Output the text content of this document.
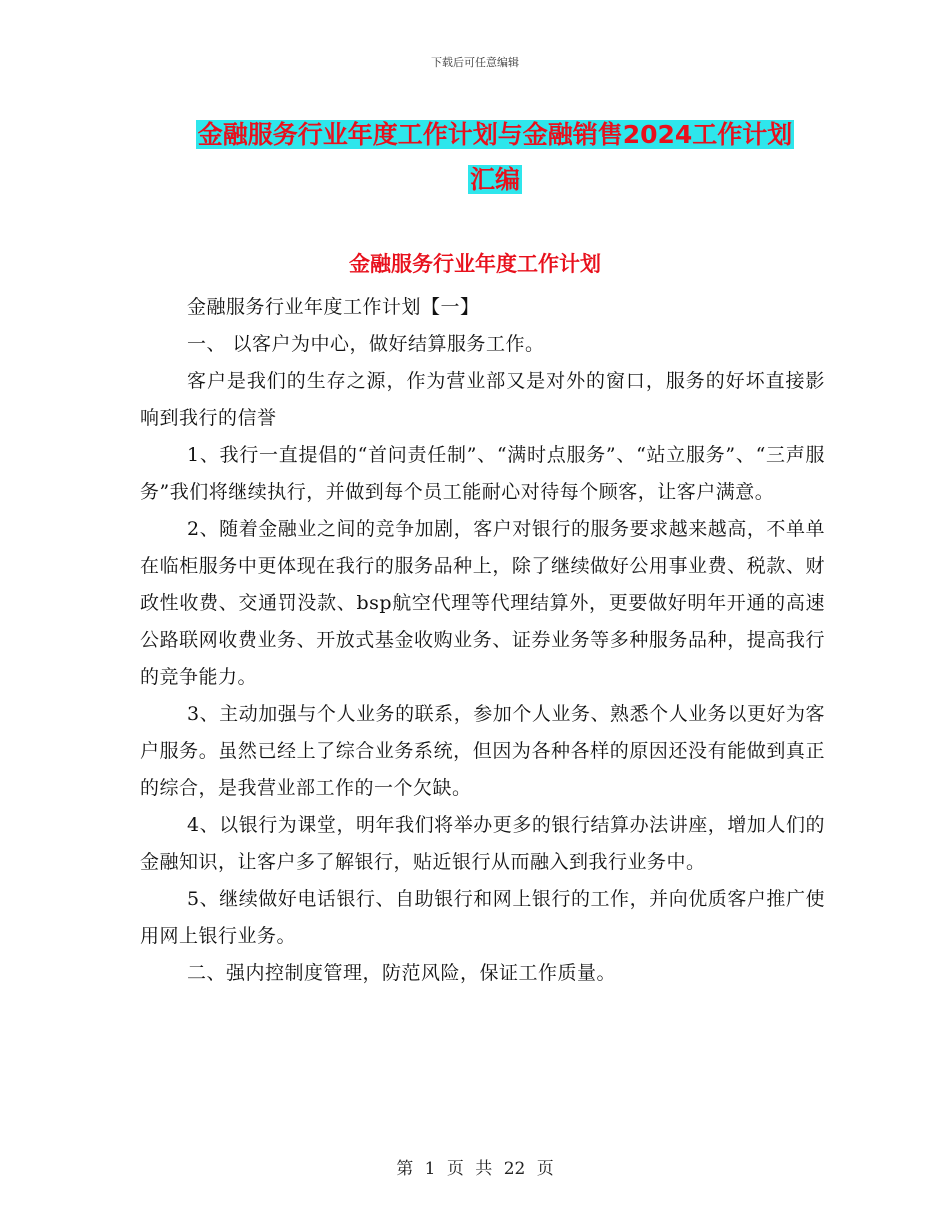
下载后可任意编辑
金融服务行业年度工作计划与金融销售2024工作计划
汇编
金融服务行业年度工作计划

金融服务行业年度工作计划【一】

一、 以客户为中心，做好结算服务工作。

客户是我们的生存之源，作为营业部又是对外的窗口，服务的好坏直接影响到我行的信誉

1、我行一直提倡的“首问责任制”、“满时点服务”、“站立服务”、“三声服务”我们将继续执行，并做到每个员工能耐心对待每个顾客，让客户满意。

2、随着金融业之间的竞争加剧，客户对银行的服务要求越来越高，不单单在临柜服务中更体现在我行的服务品种上，除了继续做好公用事业费、税款、财政性收费、交通罚没款、bsp航空代理等代理结算外，更要做好明年开通的高速公路联网收费业务、开放式基金收购业务、证券业务等多种服务品种，提高我行的竞争能力。

3、主动加强与个人业务的联系，参加个人业务、熟悉个人业务以更好为客户服务。虽然已经上了综合业务系统，但因为各种各样的原因还没有能做到真正的综合，是我营业部工作的一个欠缺。

4、以银行为课堂，明年我们将举办更多的银行结算办法讲座，增加人们的金融知识，让客户多了解银行，贴近银行从而融入到我行业务中。

5、继续做好电话银行、自助银行和网上银行的工作，并向优质客户推广使用网上银行业务。

二、强内控制度管理，防范风险，保证工作质量。

第 1 页 共 22 页
